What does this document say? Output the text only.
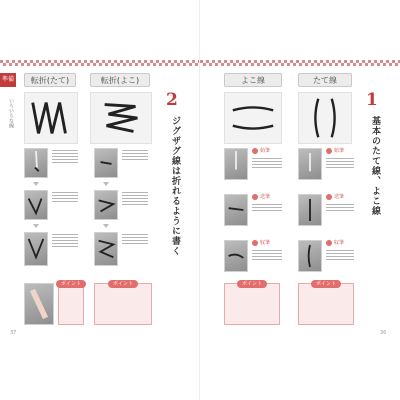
準備
いろいろな線
転折(たて)	転折(よこ)
2
ジグザグ線は折れるように書く
ポイント	ポイント
37
よこ線	たて線
1
基本のたて線、よこ線
始筆
送筆
収筆
始筆
送筆
収筆
ポイント	ポイント
36
